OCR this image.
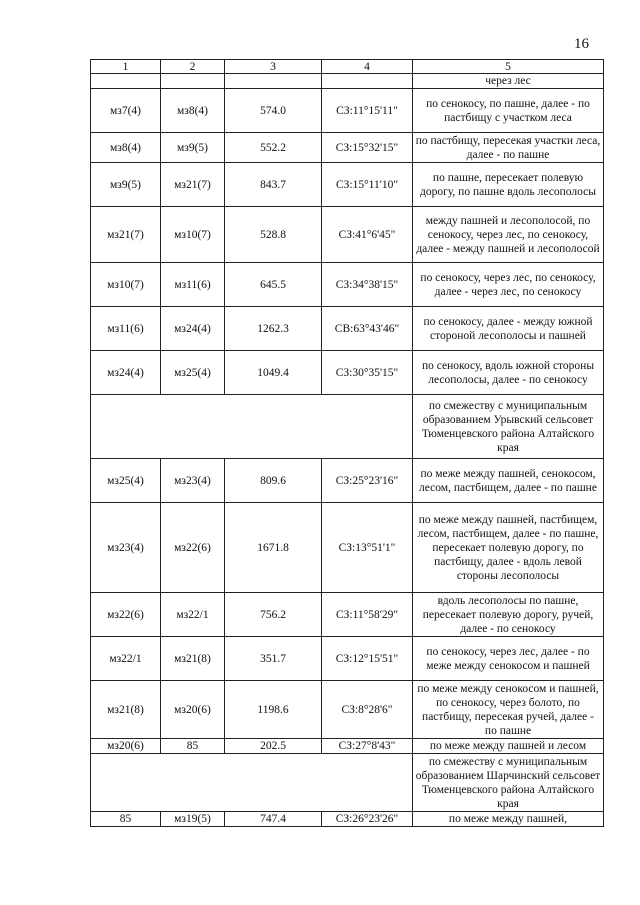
16
1	2	3	4	5
				через лес
мз7(4)	мз8(4)	574.0	СЗ:11°15'11"	по сенокосу, по пашне, далее - по пастбищу с участком леса
мз8(4)	мз9(5)	552.2	СЗ:15°32'15"	по пастбищу, пересекая участки леса, далее - по пашне
мз9(5)	мз21(7)	843.7	СЗ:15°11'10"	по пашне, пересекает полевую дорогу, по пашне вдоль лесополосы
мз21(7)	мз10(7)	528.8	СЗ:41°6'45"	между пашней и лесополосой, по сенокосу, через лес, по сенокосу, далее - между пашней и лесополосой
мз10(7)	мз11(6)	645.5	СЗ:34°38'15"	по сенокосу, через лес, по сенокосу, далее - через лес, по сенокосу
мз11(6)	мз24(4)	1262.3	СВ:63°43'46"	по сенокосу, далее - между южной стороной лесополосы и пашней
мз24(4)	мз25(4)	1049.4	СЗ:30°35'15"	по сенокосу, вдоль южной стороны лесополосы, далее - по сенокосу
				по смежеству с муниципальным образованием Урывский сельсовет Тюменцевского района Алтайского края
мз25(4)	мз23(4)	809.6	СЗ:25°23'16"	по меже между пашней, сенокосом, лесом, пастбищем, далее - по пашне
мз23(4)	мз22(6)	1671.8	СЗ:13°51'1"	по меже между пашней, пастбищем, лесом, пастбищем, далее - по пашне, пересекает полевую дорогу, по пастбищу, далее - вдоль левой стороны лесополосы
мз22(6)	мз22/1	756.2	СЗ:11°58'29"	вдоль лесополосы по пашне, пересекает полевую дорогу, ручей, далее - по сенокосу
мз22/1	мз21(8)	351.7	СЗ:12°15'51"	по сенокосу, через лес, далее - по меже между сенокосом и пашней
мз21(8)	мз20(6)	1198.6	СЗ:8°28'6"	по меже между сенокосом и пашней, по сенокосу, через болото, по пастбищу, пересекая ручей, далее - по пашне
мз20(6)	85	202.5	СЗ:27°8'43"	по меже между пашней и лесом
				по смежеству с муниципальным образованием Шарчинский сельсовет Тюменцевского района Алтайского края
85	мз19(5)	747.4	СЗ:26°23'26"	по меже между пашней,
